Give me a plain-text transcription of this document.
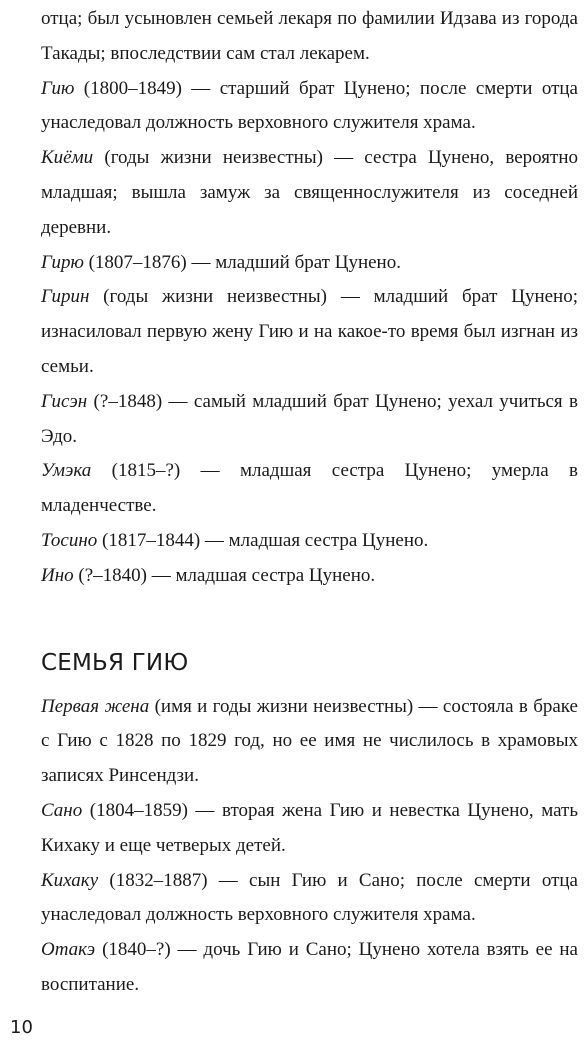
отца; был усыновлен семьей лекаря по фамилии Идзава из города Такады; впоследствии сам стал лекарем.

Гию (1800–1849) — старший брат Цунено; после смерти отца унаследовал должность верховного служителя храма.

Киёми (годы жизни неизвестны) — сестра Цунено, вероятно младшая; вышла замуж за священнослужителя из соседней деревни.

Гирю (1807–1876) — младший брат Цунено.

Гирин (годы жизни неизвестны) — младший брат Цунено; изнасиловал первую жену Гию и на какое-то время был изгнан из семьи.

Гисэн (?–1848) — самый младший брат Цунено; уехал учиться в Эдо.

Умэка (1815–?) — младшая сестра Цунено; умерла в младенчестве.

Тосино (1817–1844) — младшая сестра Цунено.

Ино (?–1840) — младшая сестра Цунено.

СЕМЬЯ ГИЮ

Первая жена (имя и годы жизни неизвестны) — состояла в браке с Гию с 1828 по 1829 год, но ее имя не числилось в храмовых записях Ринсендзи.

Сано (1804–1859) — вторая жена Гию и невестка Цунено, мать Кихаку и еще четверых детей.

Кихаку (1832–1887) — сын Гию и Сано; после смерти отца унаследовал должность верховного служителя храма.

Отакэ (1840–?) — дочь Гию и Сано; Цунено хотела взять ее на воспитание.

10
